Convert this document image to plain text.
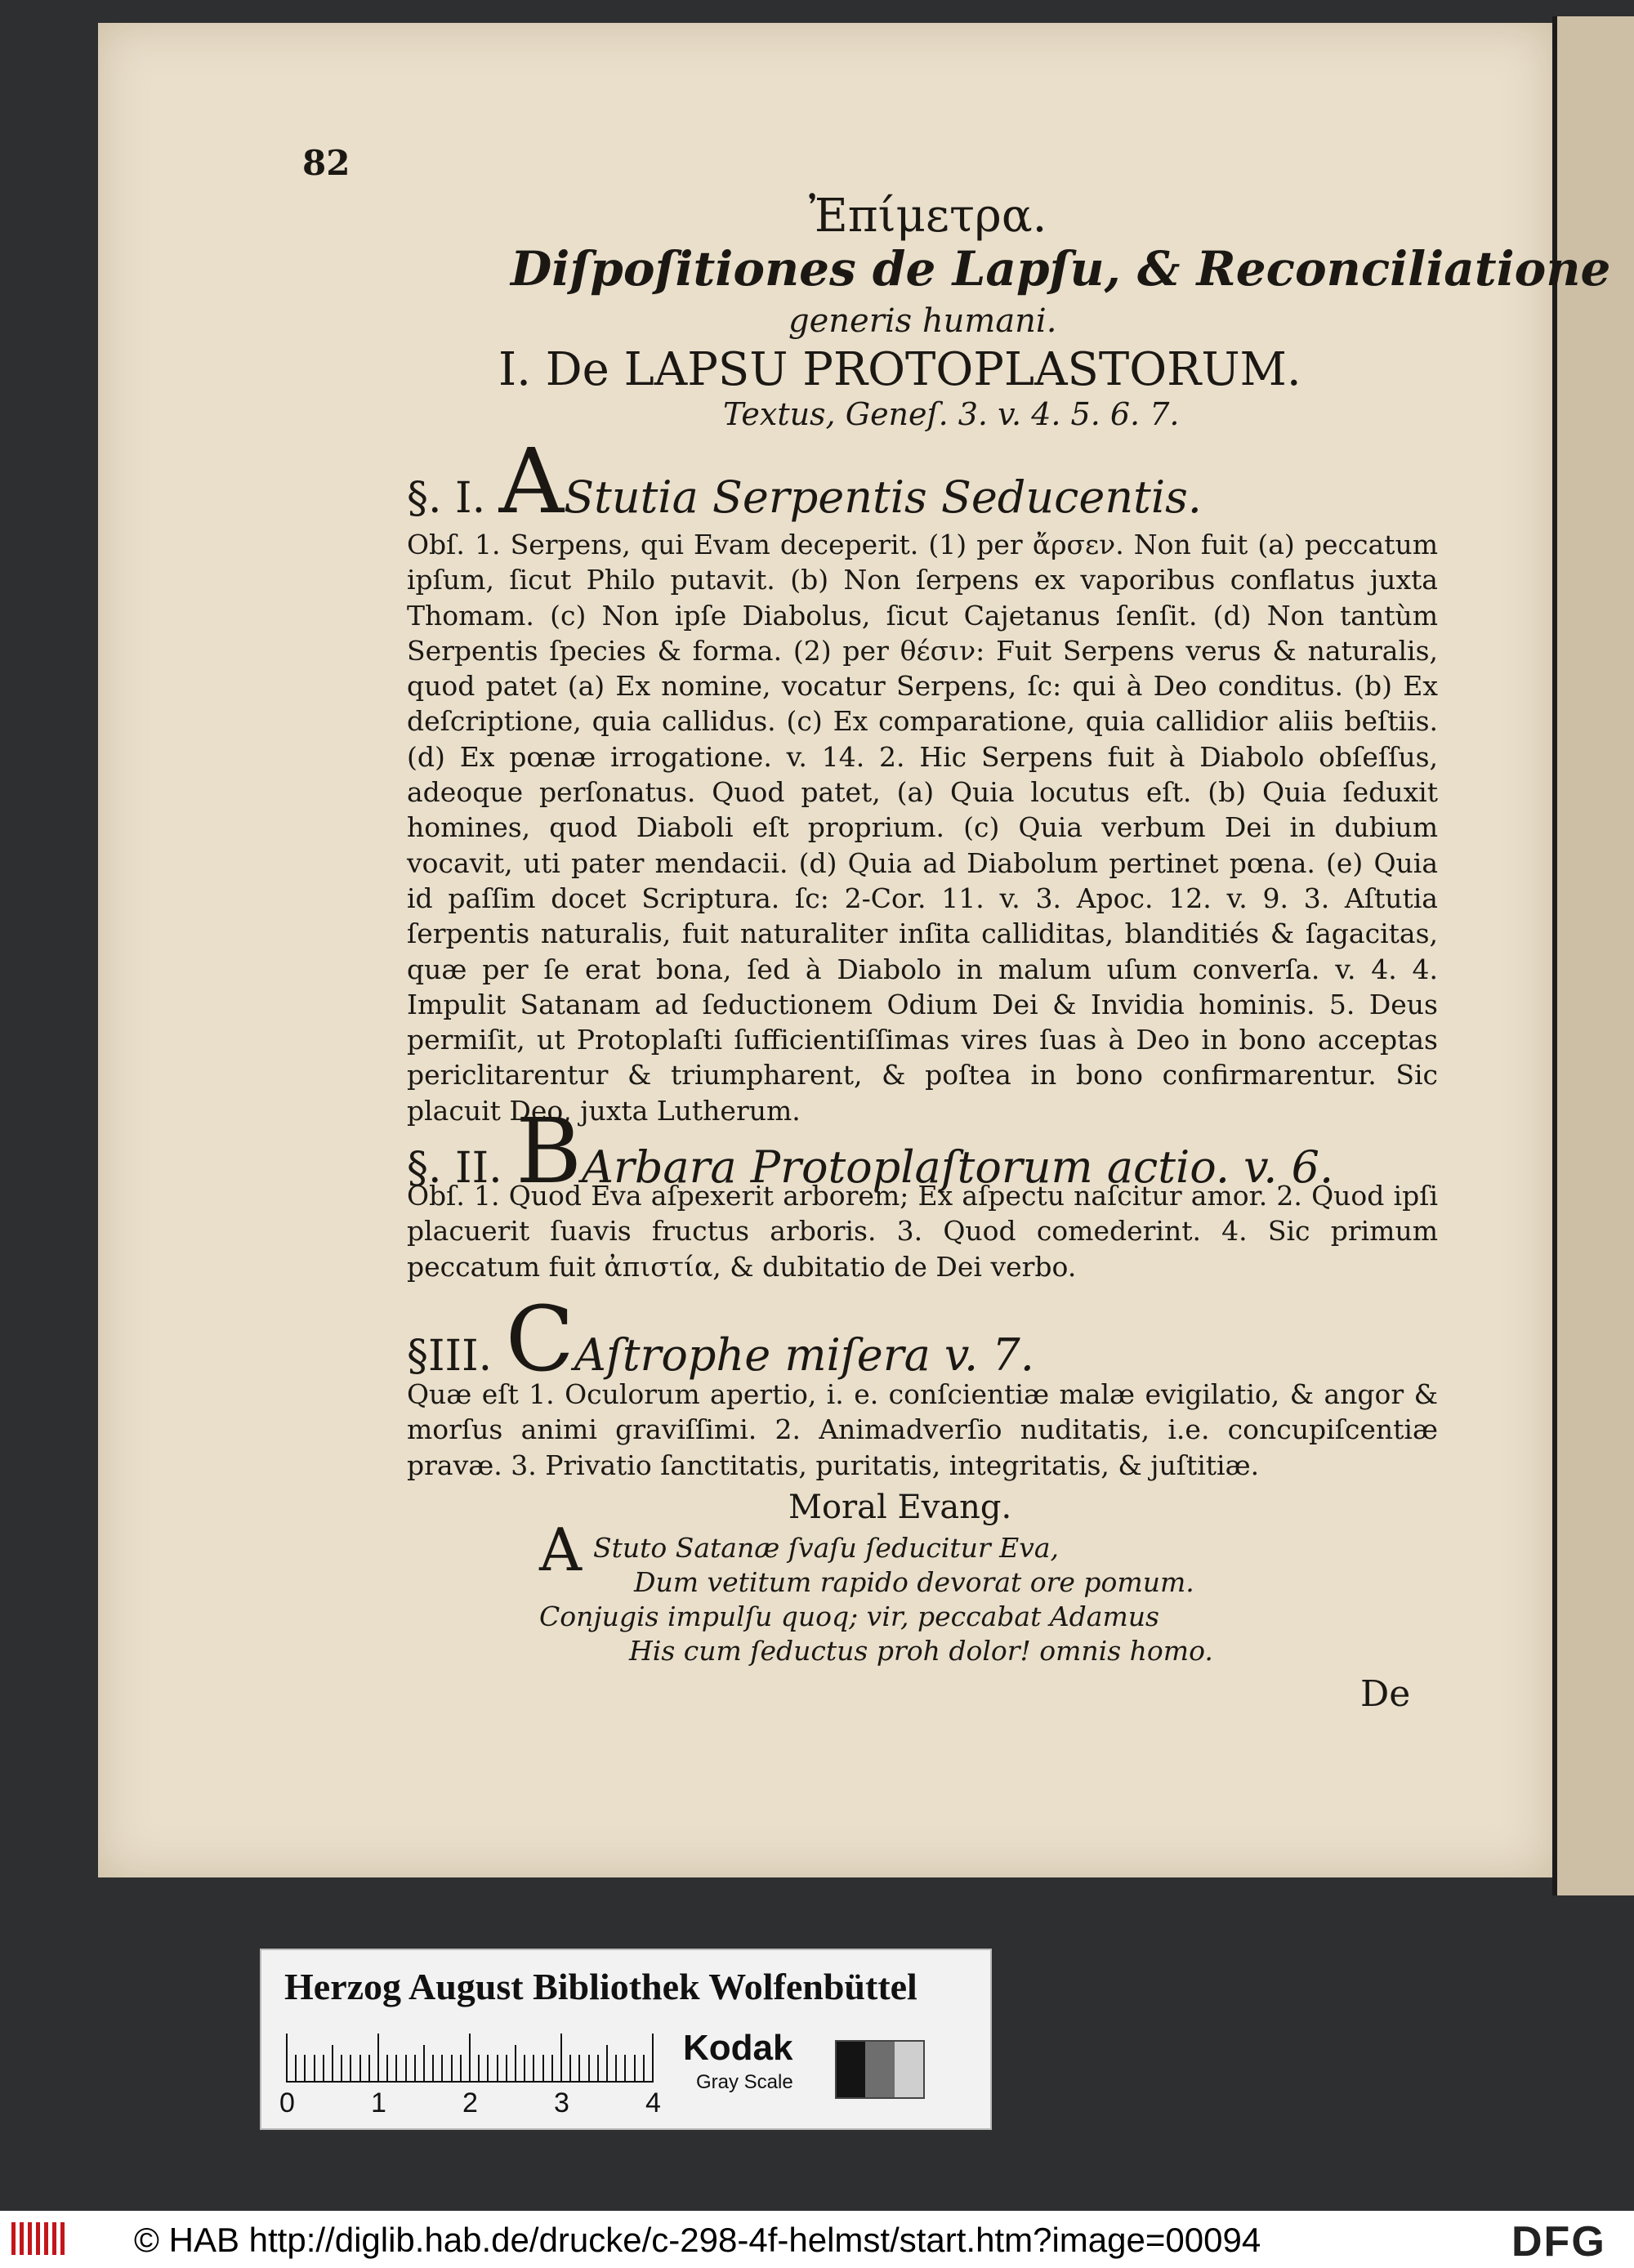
82
Ἐπίμετρα.
Diſpoſitiones de Lapſu, & Reconciliatione
generis humani.
I. De LAPSU PROTOPLASTORUM.
Textus, Geneſ. 3. v. 4. 5. 6. 7.
§. I. AStutia Serpentis Seducentis.
Obſ. 1. Serpens, qui Evam deceperit. (1) per ἄρσεν. Non fuit (a) peccatum ipſum, ſicut Philo putavit. (b) Non ſerpens ex vaporibus conflatus juxta Thomam. (c) Non ipſe Diabolus, ſicut Cajetanus ſenſit. (d) Non tantùm Serpentis ſpecies & forma. (2) per θέσιν: Fuit Serpens verus & naturalis, quod patet (a) Ex nomine, vocatur Serpens, ſc: qui à Deo conditus. (b) Ex deſcriptione, quia callidus. (c) Ex comparatione, quia callidior aliis beſtiis. (d) Ex pœnæ irrogatione. v. 14. 2. Hic Serpens fuit à Diabolo obſeſſus, adeoque perſonatus. Quod patet, (a) Quia locutus eſt. (b) Quia ſeduxit homines, quod Diaboli eſt proprium. (c) Quia verbum Dei in dubium vocavit, uti pater mendacii. (d) Quia ad Diabolum pertinet pœna. (e) Quia id paſſim docet Scriptura. ſc: 2-Cor. 11. v. 3. Apoc. 12. v. 9. 3. Aſtutia ſerpentis naturalis, fuit naturaliter inſita calliditas, blanditiés & ſagacitas, quæ per ſe erat bona, ſed à Diabolo in malum uſum converſa. v. 4. 4. Impulit Satanam ad ſeductionem Odium Dei & Invidia hominis. 5. Deus permiſit, ut Protoplaſti ſufficientiſſimas vires ſuas à Deo in bono acceptas periclitarentur & triumpharent, & poſtea in bono confirmarentur. Sic placuit Deo, juxta Lutherum.
§. II. BArbara Protoplaſtorum actio. v. 6.
Obſ. 1. Quod Eva aſpexerit arborem; Ex aſpectu naſcitur amor. 2. Quod ipſi placuerit ſuavis fructus arboris. 3. Quod comederint. 4. Sic primum peccatum fuit ἀπιστία, & dubitatio de Dei verbo.
§III. CAſtrophe miſera v. 7.
Quæ eſt 1. Oculorum apertio, i. e. conſcientiæ malæ evigilatio, & angor & morſus animi graviſſimi. 2. Animadverſio nuditatis, i.e. concupiſcentiæ pravæ. 3. Privatio ſanctitatis, puritatis, integritatis, & juſtitiæ.
Moral Evang.
A Stuto Satanæ ſvaſu ſeducitur Eva,
Dum vetitum rapido devorat ore pomum.
Conjugis impulſu quoq; vir, peccabat Adamus
His cum ſeductus proh dolor! omnis homo.
De
Herzog August Bibliothek Wolfenbüttel
0	1	2	3	4
Kodak
Gray Scale
© HAB http://diglib.hab.de/drucke/c-298-4f-helmst/start.htm?image=00094	DFG
